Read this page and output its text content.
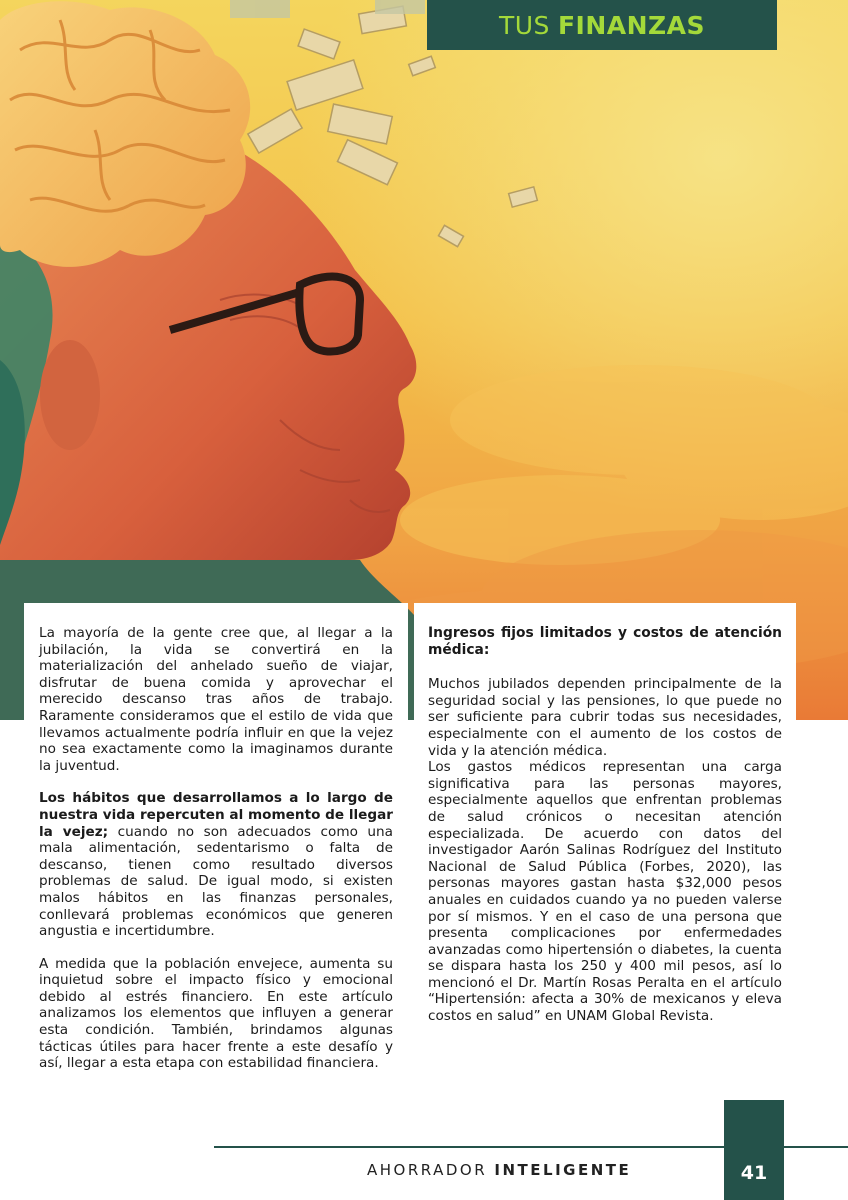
TUS FINANZAS

La mayoría de la gente cree que, al llegar a la jubilación, la vida se convertirá en la materialización del anhelado sueño de viajar, disfrutar de buena comida y aprovechar el merecido descanso tras años de trabajo. Raramente consideramos que el estilo de vida que llevamos actualmente podría influir en que la vejez no sea exactamente como la imaginamos durante la juventud.

Los hábitos que desarrollamos a lo largo de nuestra vida repercuten al momento de llegar la vejez; cuando no son adecuados como una mala alimentación, sedentarismo o falta de descanso, tienen como resultado diversos problemas de salud. De igual modo, si existen malos hábitos en las finanzas personales, conllevará problemas económicos que generen angustia e incertidumbre.

A medida que la población envejece, aumenta su inquietud sobre el impacto físico y emocional debido al estrés financiero. En este artículo analizamos los elementos que influyen a generar esta condición. También, brindamos algunas tácticas útiles para hacer frente a este desafío y así, llegar a esta etapa con estabilidad financiera.

Ingresos fijos limitados y costos de atención médica:

Muchos jubilados dependen principalmente de la seguridad social y las pensiones, lo que puede no ser suficiente para cubrir todas sus necesidades, especialmente con el aumento de los costos de vida y la atención médica.

Los gastos médicos representan una carga significativa para las personas mayores, especialmente aquellos que enfrentan problemas de salud crónicos o necesitan atención especializada. De acuerdo con datos del investigador Aarón Salinas Rodríguez del Instituto Nacional de Salud Pública (Forbes, 2020), las personas mayores gastan hasta $32,000 pesos anuales en cuidados cuando ya no pueden valerse por sí mismos. Y en el caso de una persona que presenta complicaciones por enfermedades avanzadas como hipertensión o diabetes, la cuenta se dispara hasta los 250 y 400 mil pesos, así lo mencionó el Dr. Martín Rosas Peralta en el artículo “Hipertensión: afecta a 30% de mexicanos y eleva costos en salud” en UNAM Global Revista.

AHORRADOR INTELIGENTE	41
